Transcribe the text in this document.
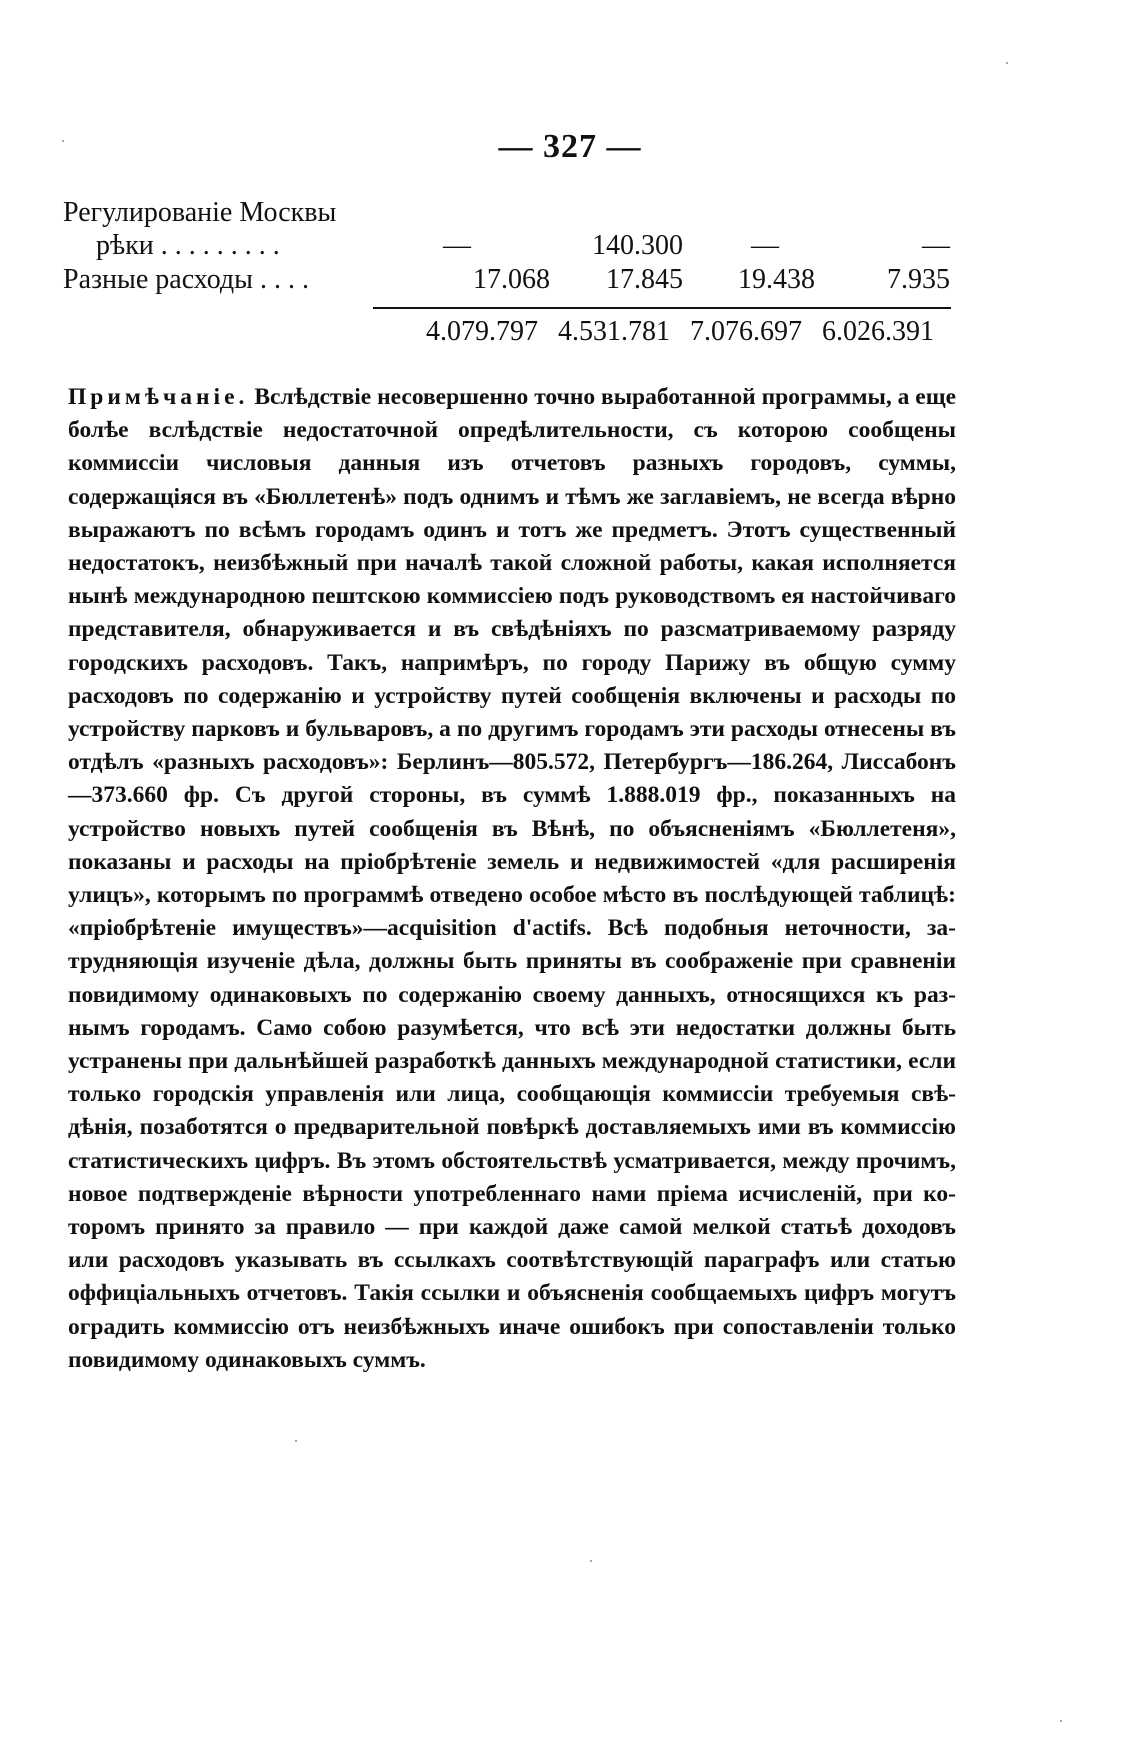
— 327 —
Регулированіе Москвы
рѣки . . . . . . . . .	—	140.300	—	—
Разные расходы . . . .	17.068	17.845	19.438	7.935
4.079.797 4.531.781 7.076.697 6.026.391
Примѣчаніе. Вслѣдствіе несовершенно точно выработанной программы, а еще болѣе вслѣдствіе недостаточной опредѣлительности, съ которою сообщены коммиссіи числовыя данныя изъ отчетовъ разныхъ городовъ, суммы, содержащіяся въ «Бюллетенѣ» подъ однимъ и тѣмъ же заглавіемъ, не всегда вѣрно выражаютъ по всѣмъ городамъ одинъ и тотъ же предметъ. Этотъ существенный недостатокъ, неизбѣжный при началѣ такой сложной работы, какая исполняется нынѣ международною пештскою коммиссіею подъ руководствомъ ея настойчиваго представителя, обнаруживается и въ свѣдѣніяхъ по разсматриваемому разряду городскихъ расходовъ. Такъ, напримѣръ, по городу Парижу въ общую сумму расходовъ по содержанію и устройству путей сообщенія включены и расходы по устройству парковъ и бульваровъ, а по другимъ городамъ эти расходы отнесены въ отдѣлъ «разныхъ расходовъ»: Берлинъ—805.572, Петербургъ—186.264, Лиссабонъ—373.660 фр. Съ другой стороны, въ суммѣ 1.888.019 фр., показанныхъ на устройство новыхъ путей сообщенія въ Вѣнѣ, по объясненіямъ «Бюллетеня», показаны и расходы на пріобрѣтеніе земель и недвижимостей «для расширенія улицъ», которымъ по программѣ отведено особое мѣсто въ послѣдующей таблицѣ: «пріобрѣтеніе имуществъ»—acquisition d'actifs. Всѣ подобныя неточности, затрудняющія изученіе дѣла, должны быть приняты въ соображеніе при сравненіи повидимому одинаковыхъ по содержанію своему данныхъ, относящихся къ разнымъ городамъ. Само собою разумѣется, что всѣ эти недостатки должны быть устранены при дальнѣйшей разработкѣ данныхъ международной статистики, если только городскія управленія или лица, сообщающія коммиссіи требуемыя свѣдѣнія, позаботятся о предварительной повѣркѣ доставляемыхъ ими въ коммиссію статистическихъ цифръ. Въ этомъ обстоятельствѣ усматривается, между прочимъ, новое подтвержденіе вѣрности употребленнаго нами пріема исчисленій, при которомъ принято за правило — при каждой даже самой мелкой статьѣ доходовъ или расходовъ указывать въ ссылкахъ соотвѣтствующій параграфъ или статью оффиціальныхъ отчетовъ. Такія ссылки и объясненія сообщаемыхъ цифръ могутъ оградить коммиссію отъ неизбѣжныхъ иначе ошибокъ при сопоставленіи только повидимому одинаковыхъ суммъ.
